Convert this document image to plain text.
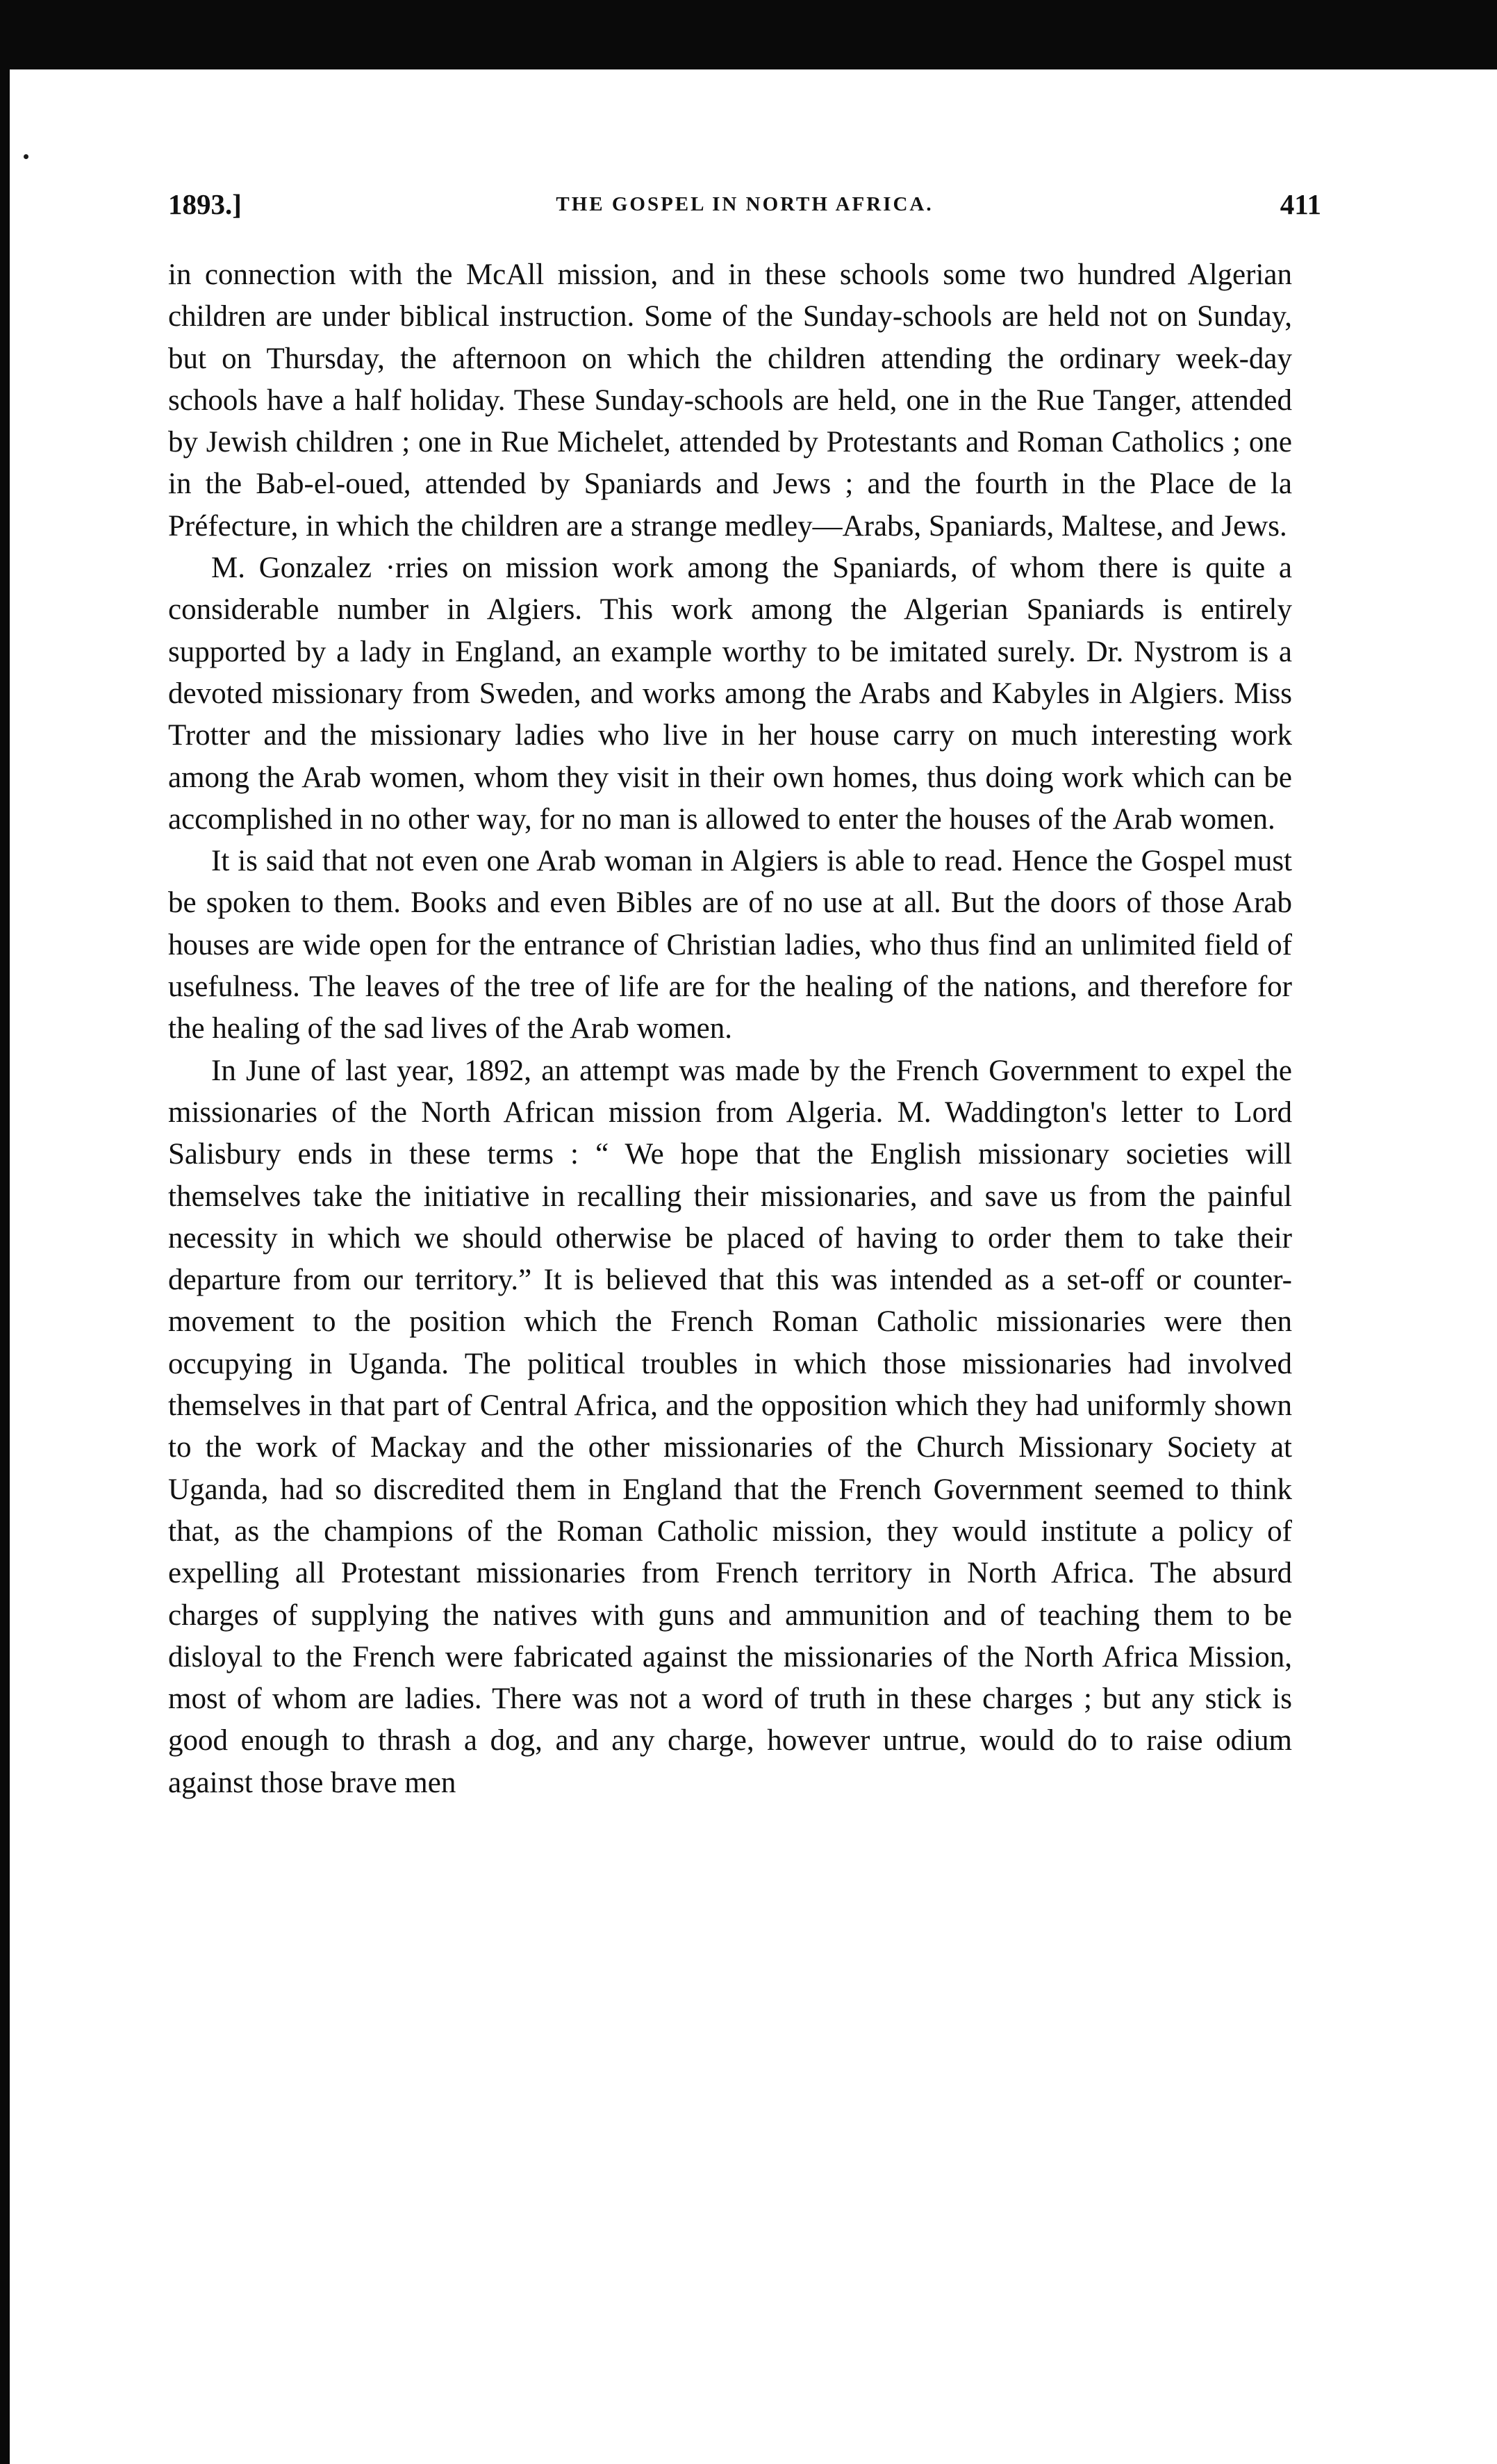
1893.]	THE GOSPEL IN NORTH AFRICA.	411

in connection with the McAll mission, and in these schools some two hundred Algerian children are under biblical instruction. Some of the Sunday-schools are held not on Sunday, but on Thursday, the afternoon on which the children attending the ordinary week-day schools have a half holiday. These Sunday-schools are held, one in the Rue Tanger, attended by Jewish children ; one in Rue Michelet, attended by Protestants and Roman Catholics ; one in the Bab-el-oued, attended by Spaniards and Jews ; and the fourth in the Place de la Préfecture, in which the children are a strange medley—Arabs, Spaniards, Maltese, and Jews.

M. Gonzalez ·rries on mission work among the Spaniards, of whom there is quite a considerable number in Algiers. This work among the Algerian Spaniards is entirely supported by a lady in England, an example worthy to be imitated surely. Dr. Nystrom is a devoted missionary from Sweden, and works among the Arabs and Kabyles in Algiers. Miss Trotter and the missionary ladies who live in her house carry on much interesting work among the Arab women, whom they visit in their own homes, thus doing work which can be accomplished in no other way, for no man is allowed to enter the houses of the Arab women.

It is said that not even one Arab woman in Algiers is able to read. Hence the Gospel must be spoken to them. Books and even Bibles are of no use at all. But the doors of those Arab houses are wide open for the entrance of Christian ladies, who thus find an unlimited field of usefulness. The leaves of the tree of life are for the healing of the nations, and therefore for the healing of the sad lives of the Arab women.

In June of last year, 1892, an attempt was made by the French Government to expel the missionaries of the North African mission from Algeria. M. Waddington's letter to Lord Salisbury ends in these terms : “ We hope that the English missionary societies will themselves take the initiative in recalling their missionaries, and save us from the painful necessity in which we should otherwise be placed of having to order them to take their departure from our territory.” It is believed that this was intended as a set-off or counter-movement to the position which the French Roman Catholic missionaries were then occupying in Uganda. The political troubles in which those missionaries had involved themselves in that part of Central Africa, and the opposition which they had uniformly shown to the work of Mackay and the other missionaries of the Church Missionary Society at Uganda, had so discredited them in England that the French Government seemed to think that, as the champions of the Roman Catholic mission, they would institute a policy of expelling all Protestant missionaries from French territory in North Africa. The absurd charges of supplying the natives with guns and ammunition and of teaching them to be disloyal to the French were fabricated against the missionaries of the North Africa Mission, most of whom are ladies. There was not a word of truth in these charges ; but any stick is good enough to thrash a dog, and any charge, however untrue, would do to raise odium against those brave men
